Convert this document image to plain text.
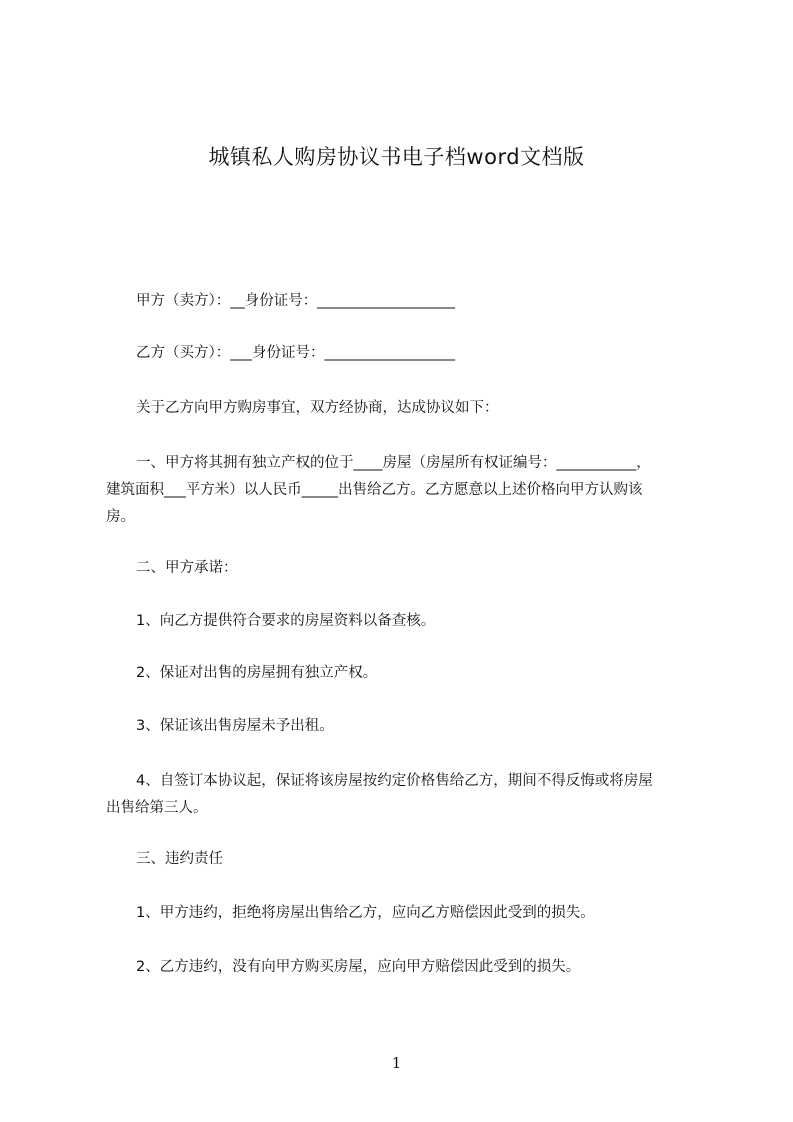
城镇私人购房协议书电子档word文档版

甲方（卖方）：__身份证号：___________________

乙方（买方）：___身份证号：__________________

关于乙方向甲方购房事宜，双方经协商，达成协议如下：

一、甲方将其拥有独立产权的位于____房屋（房屋所有权证编号：___________，

建筑面积___平方米）以人民币_____出售给乙方。乙方愿意以上述价格向甲方认购该

房。

二、甲方承诺：

1、向乙方提供符合要求的房屋资料以备查核。

2、保证对出售的房屋拥有独立产权。

3、保证该出售房屋未予出租。

4、自签订本协议起，保证将该房屋按约定价格售给乙方，期间不得反悔或将房屋

出售给第三人。

三、违约责任

1、甲方违约，拒绝将房屋出售给乙方，应向乙方赔偿因此受到的损失。

2、乙方违约，没有向甲方购买房屋，应向甲方赔偿因此受到的损失。

1
